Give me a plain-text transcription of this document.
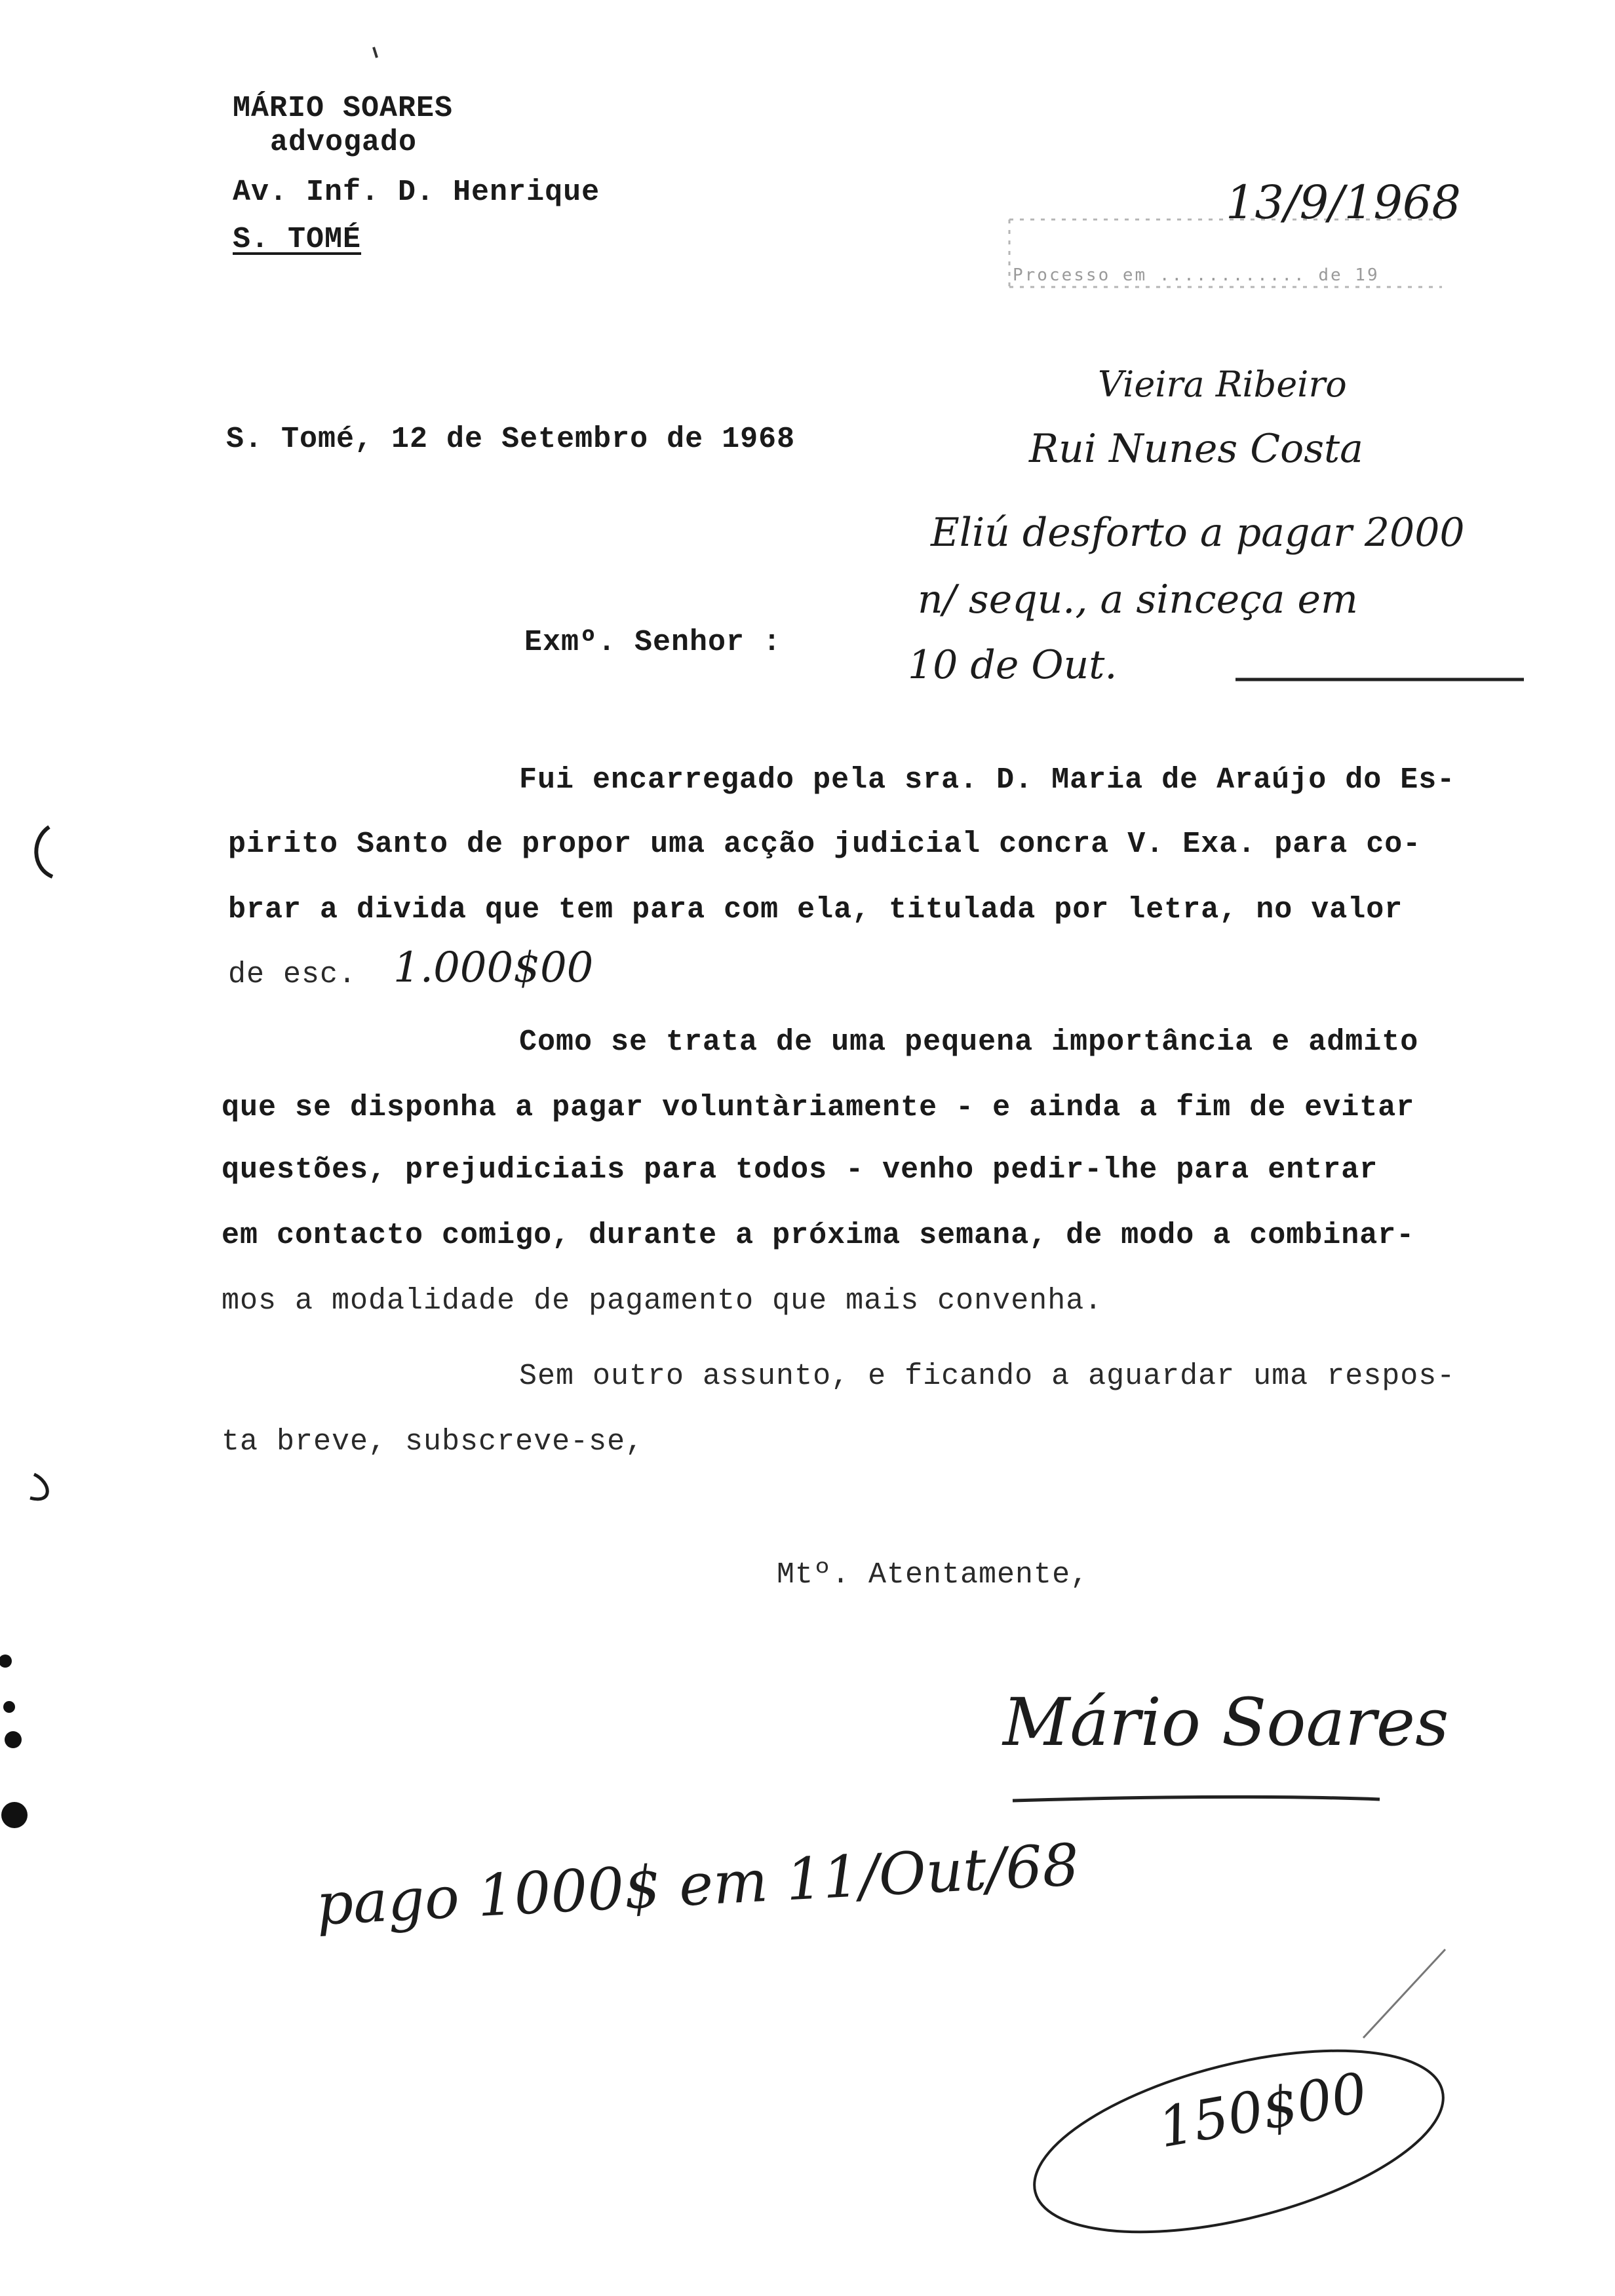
MÁRIO SOARES
advogado
Av. Inf. D. Henrique
S. TOMÉ
13/9/1968
Processo em ............ de 19
S. Tomé, 12 de Setembro de 1968
Vieira Ribeiro
Rui Nunes Costa
Eliú desforto a pagar 2000
n/ sequ., a sinceça em
10 de Out.
Exmº. Senhor :
Fui encarregado pela sra. D. Maria de Araújo do Es-
pirito Santo de propor uma acção judicial concra V. Exa. para co-
brar a divida que tem para com ela, titulada por letra, no valor
de esc. 1.000$00
Como se trata de uma pequena importância e admito
que se disponha a pagar voluntàriamente - e ainda a fim de evitar
questões, prejudiciais para todos - venho pedir-lhe para entrar
em contacto comigo, durante a próxima semana, de modo a combinar-
mos a modalidade de pagamento que mais convenha.
Sem outro assunto, e ficando a aguardar uma respos-
ta breve, subscreve-se,
Mtº. Atentamente,
Mário Soares
pago 1000$ em 11/Out/68
150$00
